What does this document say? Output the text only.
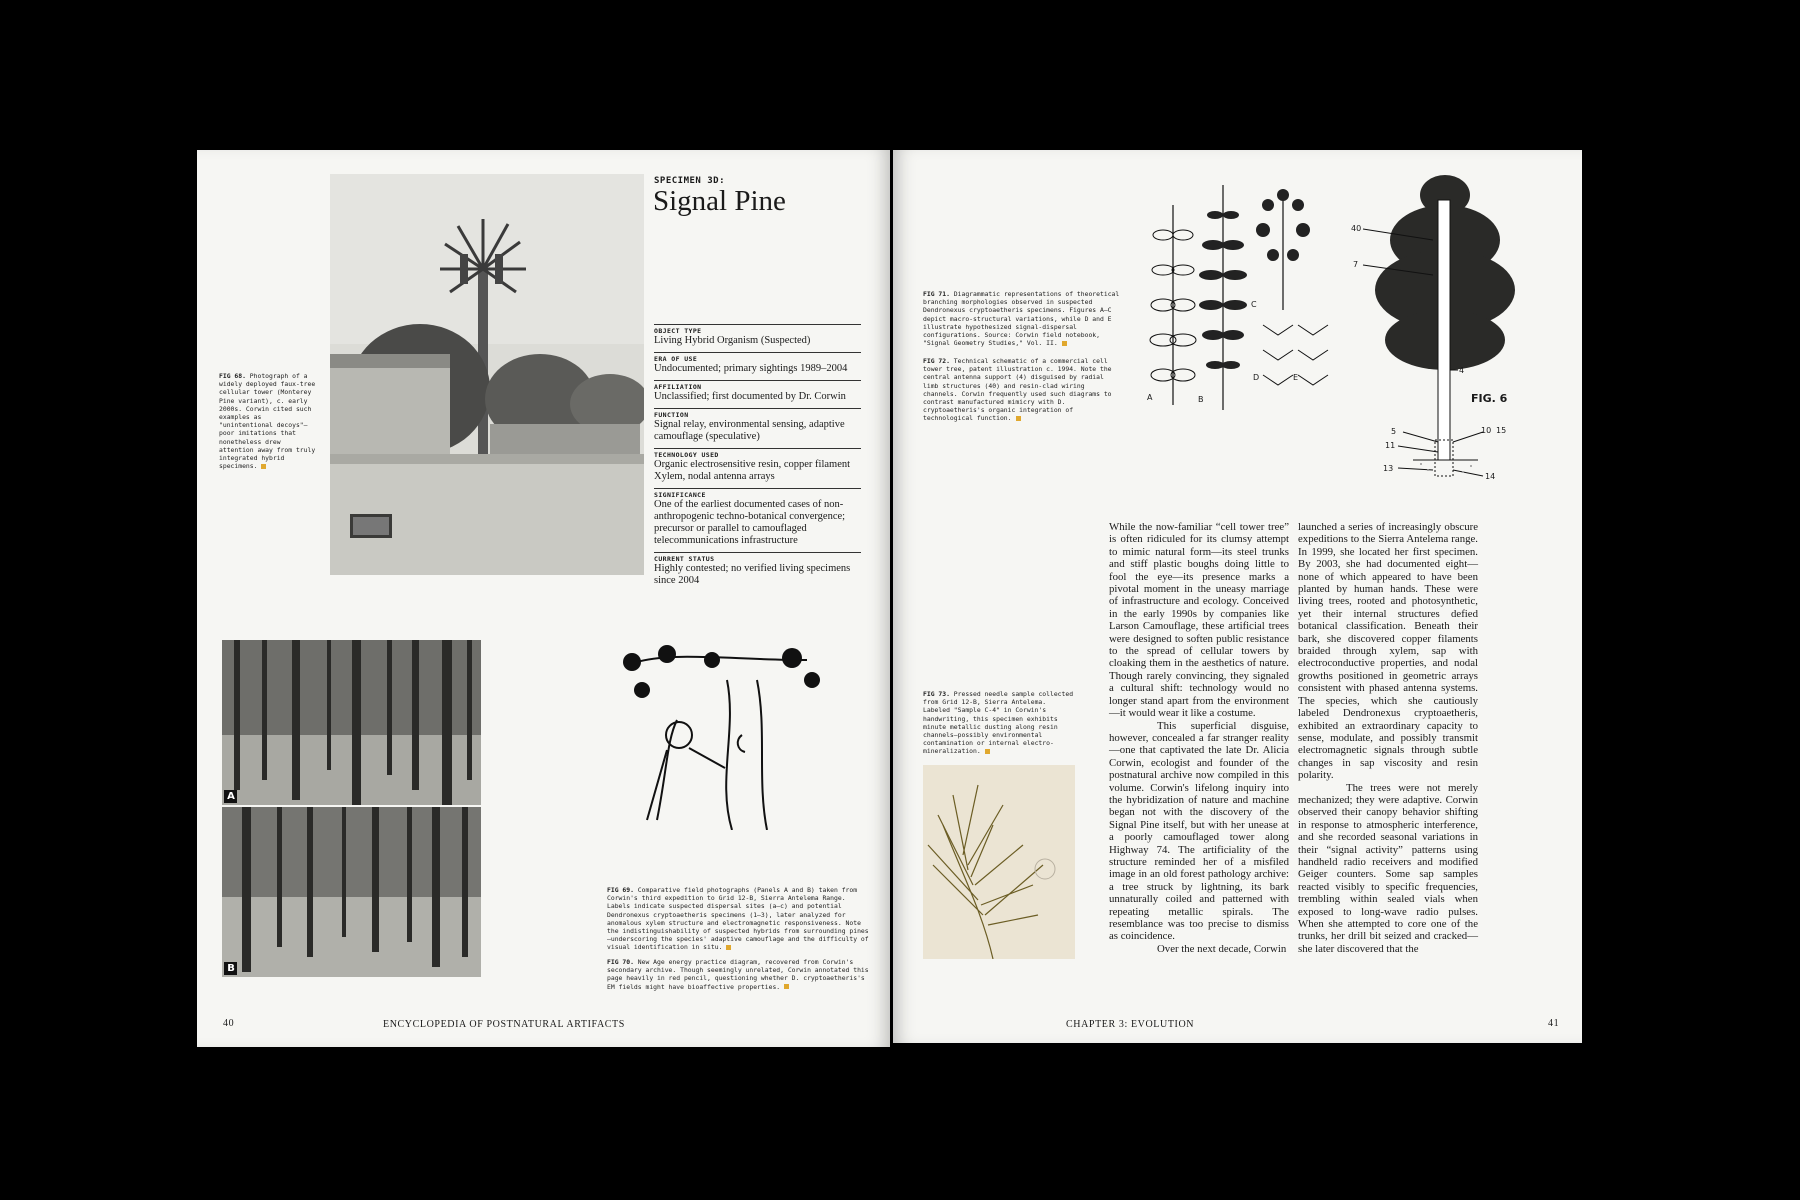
FIG 68. Photograph of a widely deployed faux-tree cellular tower (Monterey Pine variant), c. early 2000s. Corwin cited such examples as "unintentional decoys"—poor imitations that nonetheless drew attention away from truly integrated hybrid specimens.
SPECIMEN 3D:
Signal Pine
OBJECT TYPE
Living Hybrid Organism (Suspected)
ERA OF USE
Undocumented; primary sightings 1989–2004
AFFILIATION
Unclassified; first documented by Dr. Corwin
FUNCTION
Signal relay, environmental sensing, adaptive camouflage (speculative)
TECHNOLOGY USED
Organic electrosensitive resin, copper filament Xylem, nodal antenna arrays
SIGNIFICANCE
One of the earliest documented cases of non-anthropogenic techno-botanical convergence; precursor or parallel to camouflaged telecommunications infrastructure
CURRENT STATUS
Highly contested; no verified living specimens since 2004
A
B
FIG 69. Comparative field photographs (Panels A and B) taken from Corwin's third expedition to Grid 12-B, Sierra Antelema Range. Labels indicate suspected dispersal sites (a–c) and potential Dendronexus cryptoaetheris specimens (1–3), later analyzed for anomalous xylem structure and electromagnetic responsiveness. Note the indistinguishability of suspected hybrids from surrounding pines—underscoring the species' adaptive camouflage and the difficulty of visual identification in situ.
FIG 70. New Age energy practice diagram, recovered from Corwin's secondary archive. Though seemingly unrelated, Corwin annotated this page heavily in red pencil, questioning whether D. cryptoaetheris's EM fields might have bioaffective properties.
40	ENCYCLOPEDIA OF POSTNATURAL ARTIFACTS
FIG 71. Diagrammatic representations of theoretical branching morphologies observed in suspected Dendronexus cryptoaetheris specimens. Figures A–C depict macro-structural variations, while D and E illustrate hypothesized signal-dispersal configurations. Source: Corwin field notebook, "Signal Geometry Studies," Vol. II.
FIG 72. Technical schematic of a commercial cell tower tree, patent illustration c. 1994. Note the central antenna support (4) disguised by radial limb structures (40) and resin-clad wiring channels. Corwin frequently used such diagrams to contrast manufactured mimicry with D. cryptoaetheris's organic integration of technological function.
A	B
C
D	E
FIG. 6
40
7
4
5	10 15
11
13
14
FIG 73. Pressed needle sample collected from Grid 12-B, Sierra Antelema. Labeled "Sample C-4" in Corwin's handwriting, this specimen exhibits minute metallic dusting along resin channels—possibly environmental contamination or internal electro-mineralization.

While the now-familiar “cell tower tree” is often ridiculed for its clumsy attempt to mimic natural form—its steel trunks and stiff plastic boughs doing little to fool the eye—its presence marks a pivotal moment in the uneasy marriage of infrastructure and ecology. Conceived in the early 1990s by companies like Larson Camouflage, these artificial trees were designed to soften public resistance to the spread of cellular towers by cloaking them in the aesthetics of nature. Though rarely convincing, they signaled a cultural shift: technology would no longer stand apart from the environment—it would wear it like a costume.

This superficial disguise, however, concealed a far stranger reality—one that captivated the late Dr. Alicia Corwin, ecologist and founder of the postnatural archive now compiled in this volume. Corwin's lifelong inquiry into the hybridization of nature and machine began not with the discovery of the Signal Pine itself, but with her unease at a poorly camouflaged tower along Highway 74. The artificiality of the structure reminded her of a misfiled image in an old forest pathology archive: a tree struck by lightning, its bark unnaturally coiled and patterned with repeating metallic spirals. The resemblance was too precise to dismiss as coincidence.

Over the next decade, Corwin

launched a series of increasingly obscure expeditions to the Sierra Antelema range. In 1999, she located her first specimen. By 2003, she had documented eight—none of which appeared to have been planted by human hands. These were living trees, rooted and photosynthetic, yet their internal structures defied botanical classification. Beneath their bark, she discovered copper filaments braided through xylem, sap with electroconductive properties, and nodal growths positioned in geometric arrays consistent with phased antenna systems. The species, which she cautiously labeled Dendronexus cryptoaetheris, exhibited an extraordinary capacity to sense, modulate, and possibly transmit electromagnetic signals through subtle changes in sap viscosity and resin polarity.

The trees were not merely mechanized; they were adaptive. Corwin observed their canopy behavior shifting in response to atmospheric interference, and she recorded seasonal variations in their “signal activity” patterns using handheld radio receivers and modified Geiger counters. Some sap samples reacted visibly to specific frequencies, trembling within sealed vials when exposed to long-wave radio pulses. When she attempted to core one of the trunks, her drill bit seized and cracked—she later discovered that the

CHAPTER 3: EVOLUTION	41
